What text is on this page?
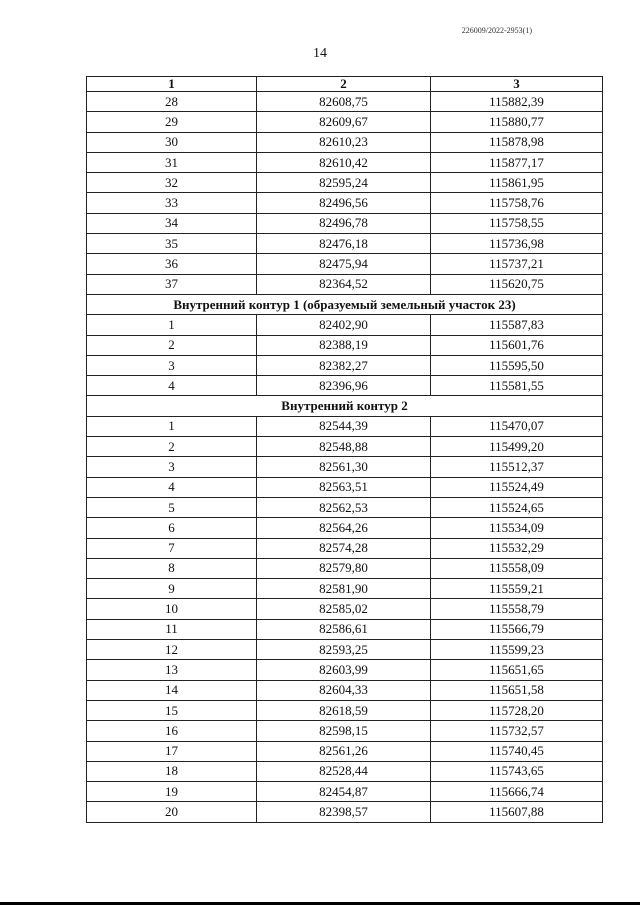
226009/2022-2953(1)
14
1	2	3
28	82608,75	115882,39
29	82609,67	115880,77
30	82610,23	115878,98
31	82610,42	115877,17
32	82595,24	115861,95
33	82496,56	115758,76
34	82496,78	115758,55
35	82476,18	115736,98
36	82475,94	115737,21
37	82364,52	115620,75
Внутренний контур 1 (образуемый земельный участок 23)		
1	82402,90	115587,83
2	82388,19	115601,76
3	82382,27	115595,50
4	82396,96	115581,55
Внутренний контур 2		
1	82544,39	115470,07
2	82548,88	115499,20
3	82561,30	115512,37
4	82563,51	115524,49
5	82562,53	115524,65
6	82564,26	115534,09
7	82574,28	115532,29
8	82579,80	115558,09
9	82581,90	115559,21
10	82585,02	115558,79
11	82586,61	115566,79
12	82593,25	115599,23
13	82603,99	115651,65
14	82604,33	115651,58
15	82618,59	115728,20
16	82598,15	115732,57
17	82561,26	115740,45
18	82528,44	115743,65
19	82454,87	115666,74
20	82398,57	115607,88
